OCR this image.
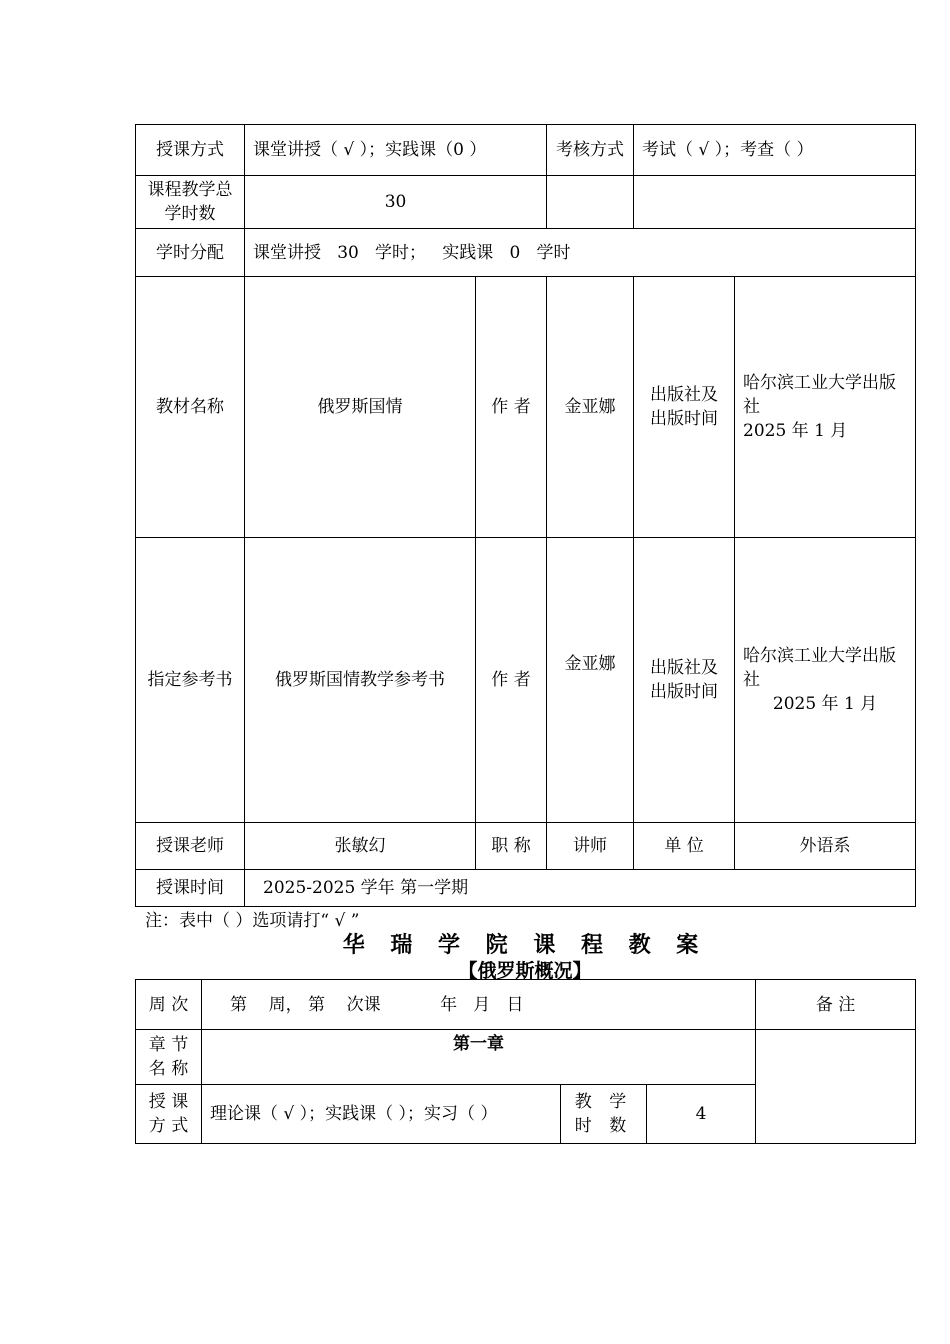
授课方式	课堂讲授（ √ ）；实践课（0 ）		考核方式	考试（ √ ）；考查（ ）	
课程教学总学时数	30				
学时分配	课堂讲授   30   学时；   实践课   0   学时				
教材名称	俄罗斯国情	作 者	金亚娜	出版社及出版时间	哈尔滨工业大学出版社
2025 年 1 月

指定参考书	俄罗斯国情教学参考书	作 者	金亚娜	出版社及出版时间	哈尔滨工业大学出版社
2025 年 1 月

授课老师	张敏幻	职 称	讲师	单 位	外语系
授课时间	2025-2025 学年 第一学期				
注：表中（ ）选项请打“ √ ”
华 瑞 学 院 课 程 教 案
【俄罗斯概况】
周 次	第    周， 第    次课           年   月   日			备 注
章 节 名 称	第一章			
授 课 方 式	理论课（ √ ）；实践课（ ）；实习（ ）	教 学 时 数	4	
